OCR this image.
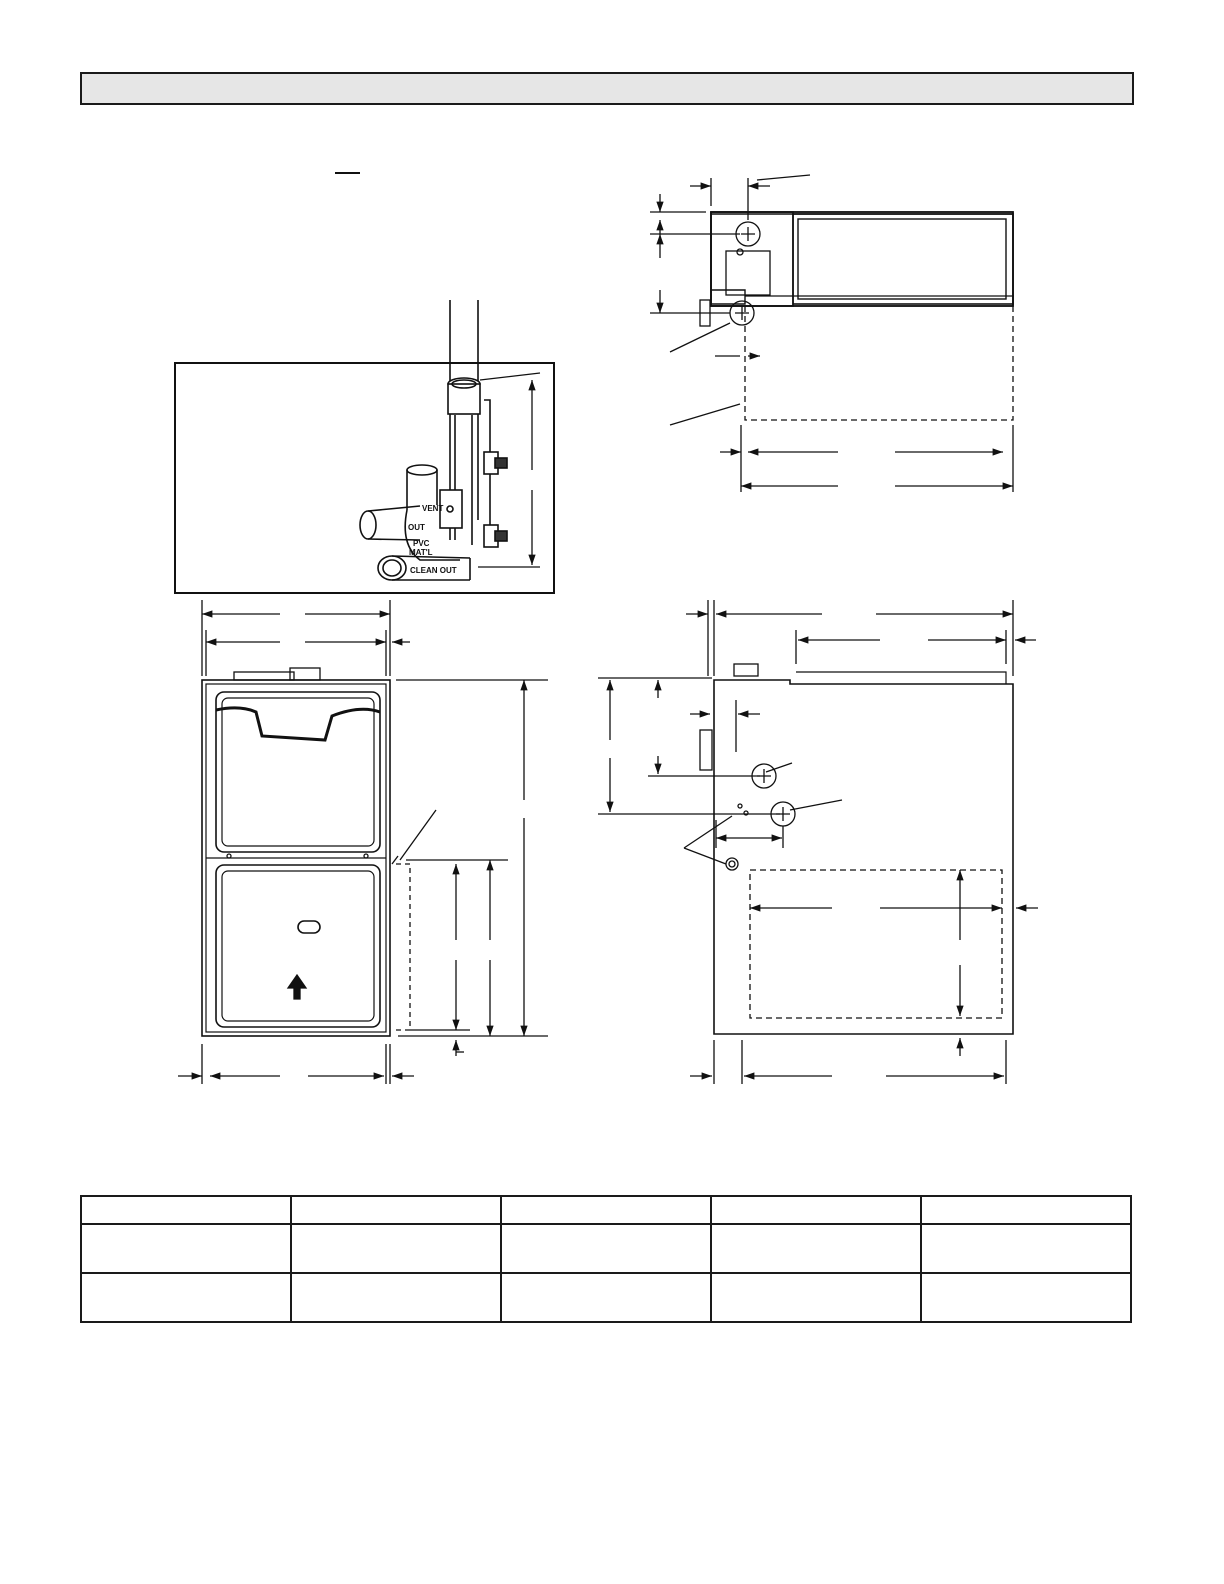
VENT
OUT
PVC
MAT'L
CLEAN OUT
